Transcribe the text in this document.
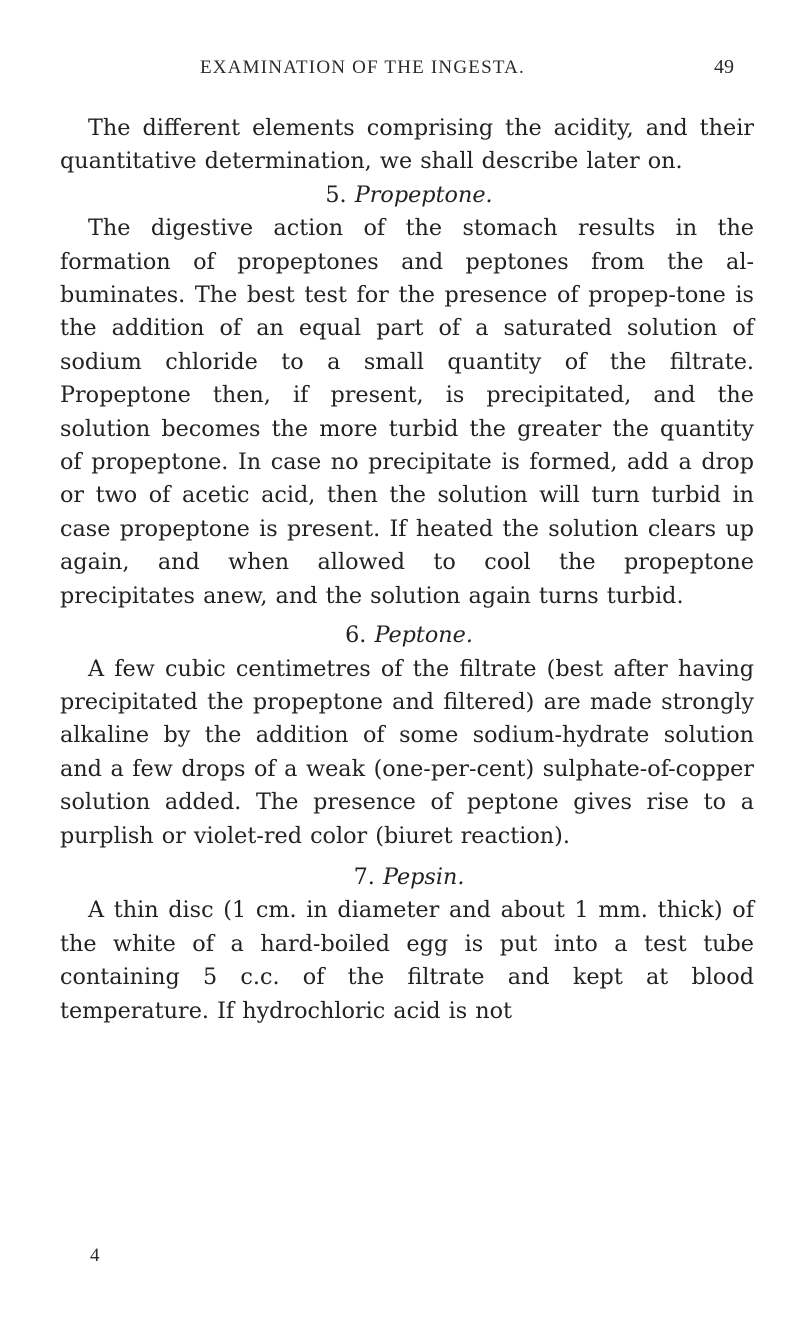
EXAMINATION OF THE INGESTA.	49

The different elements comprising the acidity, and their quantitative determination, we shall describe later on.

5. Propeptone.

The digestive action of the stomach results in the formation of propeptones and peptones from the al-buminates. The best test for the presence of propep-tone is the addition of an equal part of a saturated solution of sodium chloride to a small quantity of the filtrate. Propeptone then, if present, is precipitated, and the solution becomes the more turbid the greater the quantity of propeptone. In case no precipitate is formed, add a drop or two of acetic acid, then the solution will turn turbid in case propeptone is present. If heated the solution clears up again, and when allowed to cool the propeptone precipitates anew, and the solution again turns turbid.

6. Peptone.

A few cubic centimetres of the filtrate (best after having precipitated the propeptone and filtered) are made strongly alkaline by the addition of some sodium-hydrate solution and a few drops of a weak (one-per-cent) sulphate-of-copper solution added. The presence of peptone gives rise to a purplish or violet-red color (biuret reaction).

7. Pepsin.

A thin disc (1 cm. in diameter and about 1 mm. thick) of the white of a hard-boiled egg is put into a test tube containing 5 c.c. of the filtrate and kept at blood temperature. If hydrochloric acid is not

4
